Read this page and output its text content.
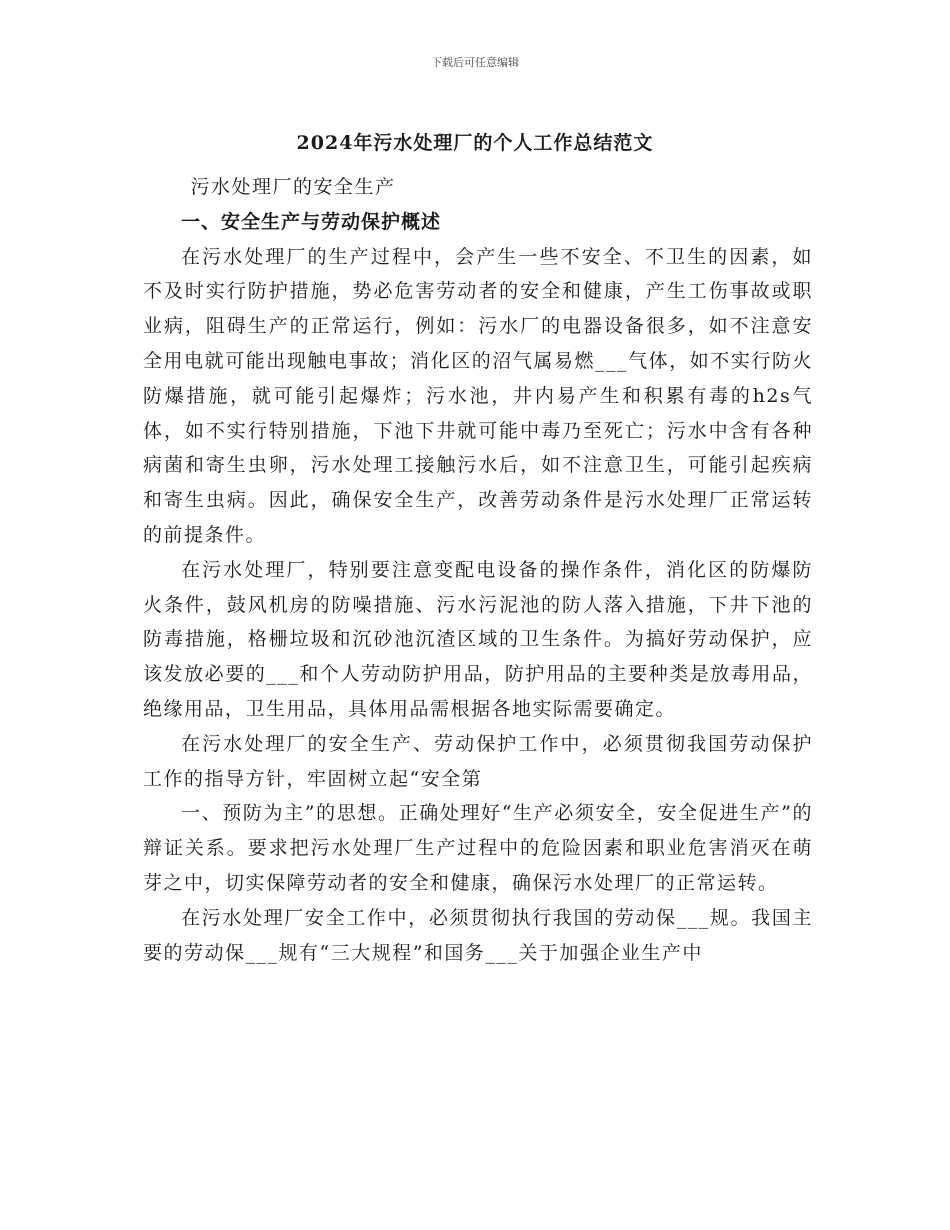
下载后可任意编辑
2024年污水处理厂的个人工作总结范文

污水处理厂的安全生产

一、安全生产与劳动保护概述

在污水处理厂的生产过程中，会产生一些不安全、不卫生的因素，如不及时实行防护措施，势必危害劳动者的安全和健康，产生工伤事故或职业病，阻碍生产的正常运行，例如：污水厂的电器设备很多，如不注意安全用电就可能出现触电事故；消化区的沼气属易燃___气体，如不实行防火防爆措施，就可能引起爆炸；污水池，井内易产生和积累有毒的h2s气体，如不实行特别措施，下池下井就可能中毒乃至死亡；污水中含有各种病菌和寄生虫卵，污水处理工接触污水后，如不注意卫生，可能引起疾病和寄生虫病。因此，确保安全生产，改善劳动条件是污水处理厂正常运转的前提条件。

在污水处理厂，特别要注意变配电设备的操作条件，消化区的防爆防火条件，鼓风机房的防噪措施、污水污泥池的防人落入措施，下井下池的防毒措施，格栅垃圾和沉砂池沉渣区域的卫生条件。为搞好劳动保护，应该发放必要的___和个人劳动防护用品，防护用品的主要种类是放毒用品，绝缘用品，卫生用品，具体用品需根据各地实际需要确定。

在污水处理厂的安全生产、劳动保护工作中，必须贯彻我国劳动保护工作的指导方针，牢固树立起“安全第

一、预防为主”的思想。正确处理好“生产必须安全，安全促进生产”的辩证关系。要求把污水处理厂生产过程中的危险因素和职业危害消灭在萌芽之中，切实保障劳动者的安全和健康，确保污水处理厂的正常运转。

在污水处理厂安全工作中，必须贯彻执行我国的劳动保___规。我国主要的劳动保___规有“三大规程”和国务___关于加强企业生产中
